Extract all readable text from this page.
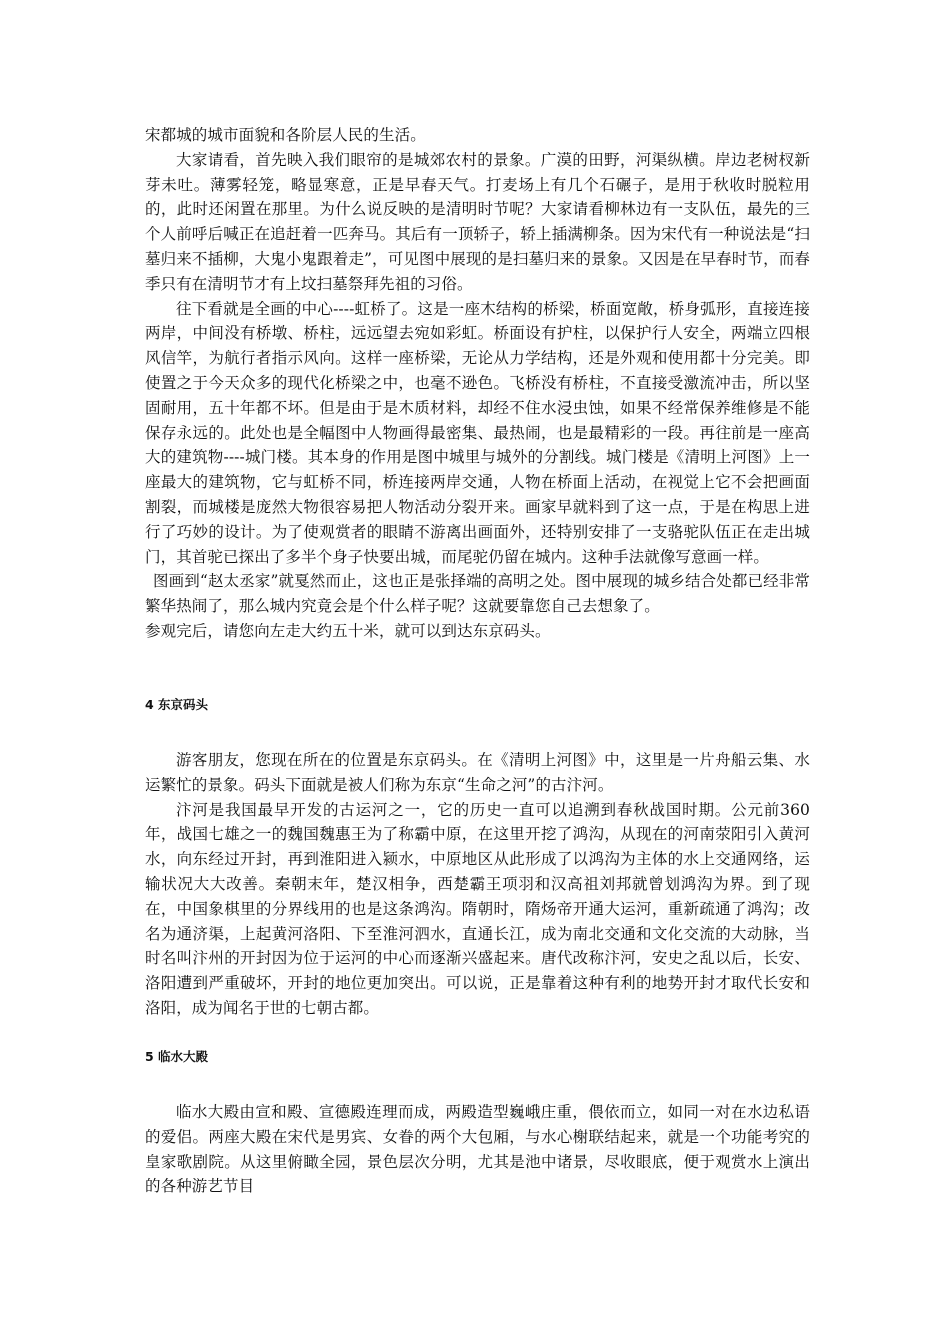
宋都城的城市面貌和各阶层人民的生活。

大家请看，首先映入我们眼帘的是城郊农村的景象。广漠的田野，河渠纵横。岸边老树杈新芽未吐。薄雾轻笼，略显寒意，正是早春天气。打麦场上有几个石碾子，是用于秋收时脱粒用的，此时还闲置在那里。为什么说反映的是清明时节呢？大家请看柳林边有一支队伍，最先的三个人前呼后喊正在追赶着一匹奔马。其后有一顶轿子，轿上插满柳条。因为宋代有一种说法是“扫墓归来不插柳，大鬼小鬼跟着走”，可见图中展现的是扫墓归来的景象。又因是在早春时节，而春季只有在清明节才有上坟扫墓祭拜先祖的习俗。

往下看就是全画的中心----虹桥了。这是一座木结构的桥梁，桥面宽敞，桥身弧形，直接连接两岸，中间没有桥墩、桥柱，远远望去宛如彩虹。桥面设有护柱，以保护行人安全，两端立四根风信竿，为航行者指示风向。这样一座桥梁，无论从力学结构，还是外观和使用都十分完美。即使置之于今天众多的现代化桥梁之中，也毫不逊色。飞桥没有桥柱，不直接受激流冲击，所以坚固耐用，五十年都不坏。但是由于是木质材料，却经不住水浸虫蚀，如果不经常保养维修是不能保存永远的。此处也是全幅图中人物画得最密集、最热闹，也是最精彩的一段。再往前是一座高大的建筑物----城门楼。其本身的作用是图中城里与城外的分割线。城门楼是《清明上河图》上一座最大的建筑物，它与虹桥不同，桥连接两岸交通，人物在桥面上活动，在视觉上它不会把画面割裂，而城楼是庞然大物很容易把人物活动分裂开来。画家早就料到了这一点，于是在构思上进行了巧妙的设计。为了使观赏者的眼睛不游离出画面外，还特别安排了一支骆驼队伍正在走出城门，其首驼已探出了多半个身子快要出城，而尾驼仍留在城内。这种手法就像写意画一样。

图画到“赵太丞家”就戛然而止，这也正是张择端的高明之处。图中展现的城乡结合处都已经非常繁华热闹了，那么城内究竟会是个什么样子呢？这就要靠您自己去想象了。

参观完后，请您向左走大约五十米，就可以到达东京码头。

4 东京码头

游客朋友，您现在所在的位置是东京码头。在《清明上河图》中，这里是一片舟船云集、水运繁忙的景象。码头下面就是被人们称为东京“生命之河”的古汴河。

汴河是我国最早开发的古运河之一，它的历史一直可以追溯到春秋战国时期。公元前360年，战国七雄之一的魏国魏惠王为了称霸中原，在这里开挖了鸿沟，从现在的河南荥阳引入黄河水，向东经过开封，再到淮阳进入颍水，中原地区从此形成了以鸿沟为主体的水上交通网络，运输状况大大改善。秦朝末年，楚汉相争，西楚霸王项羽和汉高祖刘邦就曾划鸿沟为界。到了现在，中国象棋里的分界线用的也是这条鸿沟。隋朝时，隋炀帝开通大运河，重新疏通了鸿沟；改名为通济渠，上起黄河洛阳、下至淮河泗水，直通长江，成为南北交通和文化交流的大动脉，当时名叫汴州的开封因为位于运河的中心而逐渐兴盛起来。唐代改称汴河，安史之乱以后，长安、洛阳遭到严重破坏，开封的地位更加突出。可以说，正是靠着这种有利的地势开封才取代长安和洛阳，成为闻名于世的七朝古都。

5 临水大殿

临水大殿由宣和殿、宣德殿连理而成，两殿造型巍峨庄重，偎依而立，如同一对在水边私语的爱侣。两座大殿在宋代是男宾、女眷的两个大包厢，与水心榭联结起来，就是一个功能考究的皇家歌剧院。从这里俯瞰全园，景色层次分明，尤其是池中诸景，尽收眼底，便于观赏水上演出的各种游艺节目
